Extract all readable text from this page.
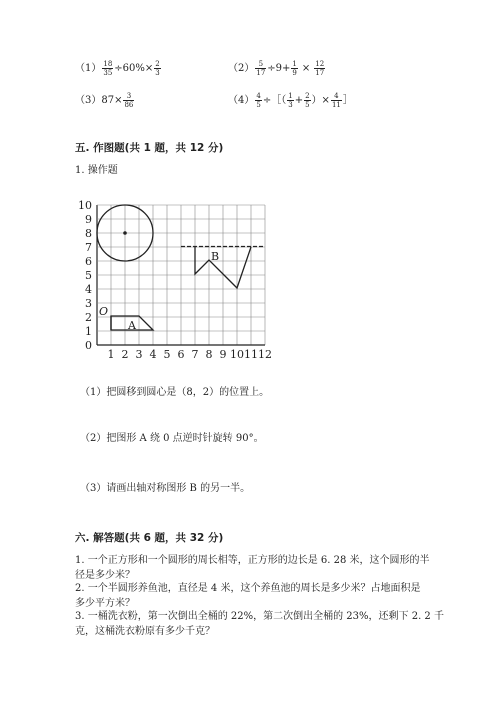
$(1) \frac{18}{35} \div 60\%\times \frac{2}{3}$	$(2) \frac{5}{17} \div 9+ \frac{1}{9} \times \frac{12}{17}$
$(3)87\times \frac{3}{86}$	$(4) \frac{4}{5}$ ÷［（ $\frac{1}{3} + \frac{2}{5}$ ）× $\frac{4}{11}$ ］
五. 作图题(共 1 题，共 12 分)
1. 操作题
10
9
8
7
6
5
4
3
2
1
0
1 2 3 4 5 6 7 8 9 10 11 12
O
A
B
（1）把圆移到圆心是（8，2）的位置上。
（2）把图形 A 绕 0 点逆时针旋转 90°。
（3）请画出轴对称图形 B 的另一半。
六. 解答题(共 6 题，共 32 分)
1. 一个正方形和一个圆形的周长相等，正方形的边长是 6. 28 米，这个圆形的半
径是多少米？
2. 一个半圆形养鱼池，直径是 4 米，这个养鱼池的周长是多少米？占地面积是
多少平方米？
3. 一桶洗衣粉，第一次倒出全桶的 22%，第二次倒出全桶的 23%，还剩下 2. 2 千
克，这桶洗衣粉原有多少千克？
